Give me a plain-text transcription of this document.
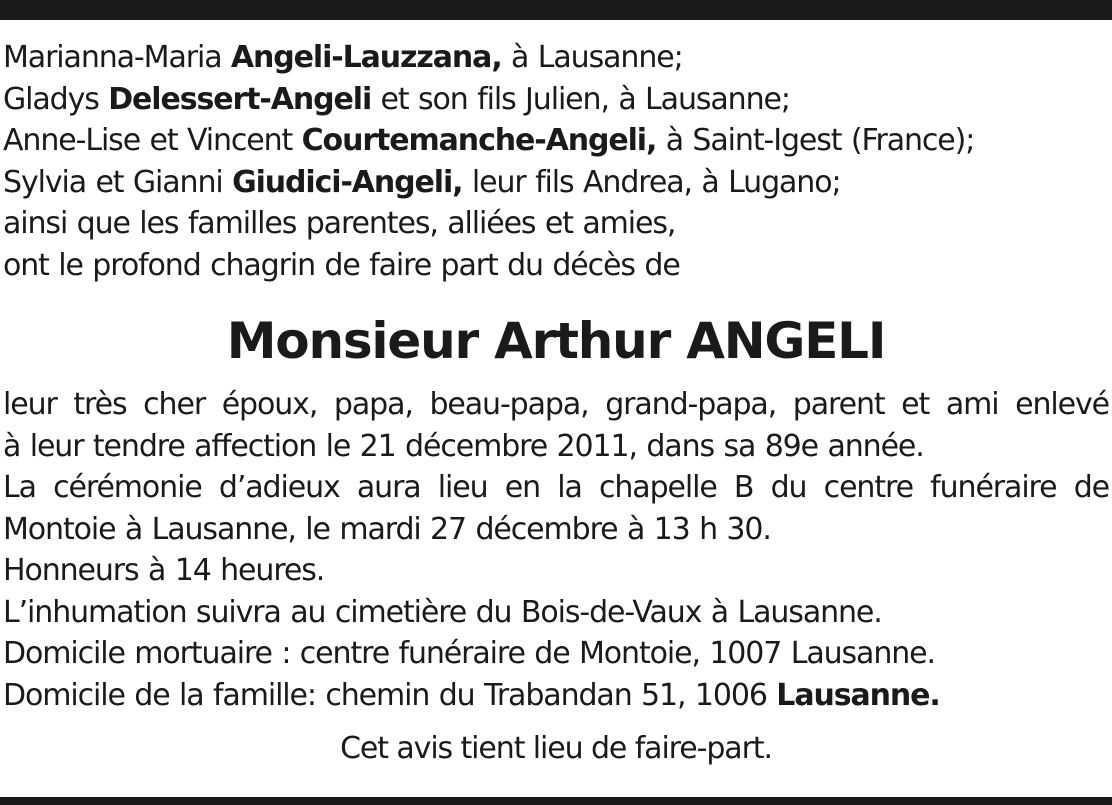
Marianna-Maria Angeli-Lauzzana, à Lausanne;
Gladys Delessert-Angeli et son fils Julien, à Lausanne;
Anne-Lise et Vincent Courtemanche-Angeli, à Saint-Igest (France);
Sylvia et Gianni Giudici-Angeli, leur fils Andrea, à Lugano;
ainsi que les familles parentes, alliées et amies,
ont le profond chagrin de faire part du décès de
Monsieur Arthur ANGELI
leur très cher époux, papa, beau-papa, grand-papa, parent et ami enlevé
à leur tendre affection le 21 décembre 2011, dans sa 89e année.
La cérémonie d’adieux aura lieu en la chapelle B du centre funéraire de
Montoie à Lausanne, le mardi 27 décembre à 13 h 30.
Honneurs à 14 heures.
L’inhumation suivra au cimetière du Bois-de-Vaux à Lausanne.
Domicile mortuaire : centre funéraire de Montoie, 1007 Lausanne.
Domicile de la famille: chemin du Trabandan 51, 1006 Lausanne.
Cet avis tient lieu de faire-part.
